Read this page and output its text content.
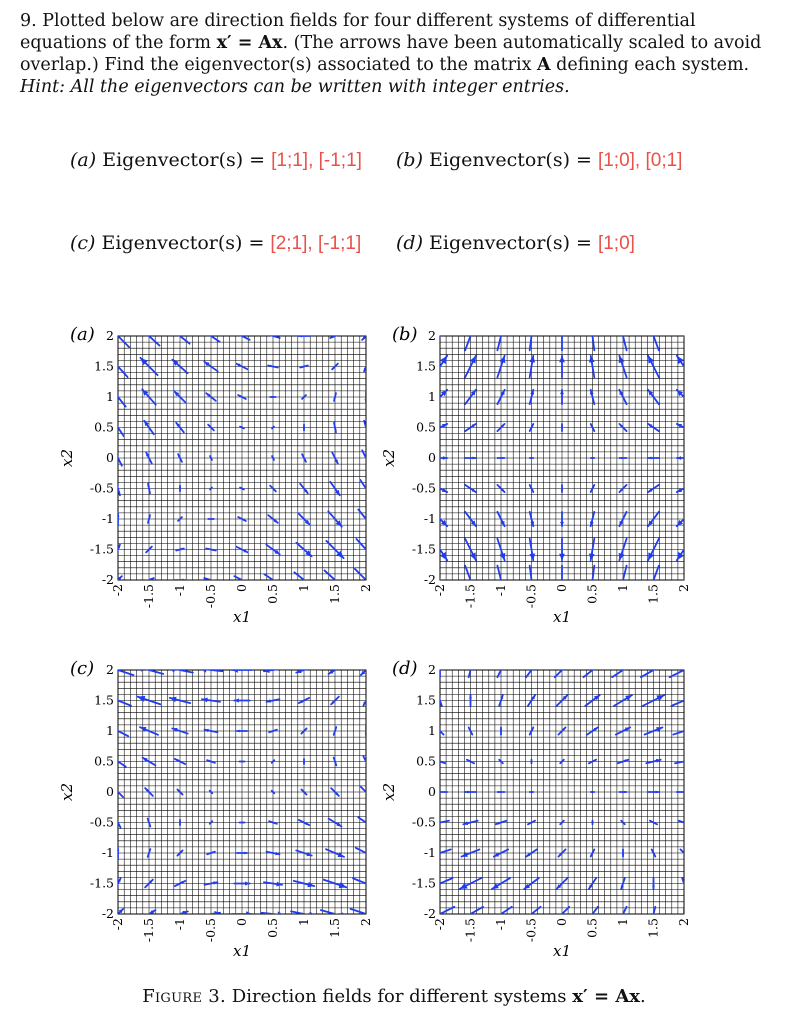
9. Plotted below are direction fields for four different systems of differential equations of the form x′ = Ax. (The arrows have been automatically scaled to avoid overlap.) Find the eigenvector(s) associated to the matrix A defining each system.
Hint: All the eigenvectors can be written with integer entries.
(a) Eigenvector(s) = [1;1], [-1;1] (b) Eigenvector(s) = [1;0], [0;1]
(c) Eigenvector(s) = [2;1], [-1;1] (d) Eigenvector(s) = [1;0]
(a) 2
1.5
1
0.5
0
-0.5
-1
-1.5
-2
-2 -1.5 -1 -0.5 0 0.5 1 1.5 2
x1
x2
(b) 2
1.5
1
0.5
0
-0.5
-1
-1.5
-2
-2 -1.5 -1 -0.5 0 0.5 1 1.5 2
x1
x2
(c) 2
1.5
1
0.5
0
-0.5
-1
-1.5
-2
-2 -1.5 -1 -0.5 0 0.5 1 1.5 2
x1
x2
(d) 2
1.5
1
0.5
0
-0.5
-1
-1.5
-2
-2 -1.5 -1 -0.5 0 0.5 1 1.5 2
x1
x2
Figure 3. Direction fields for different systems x′ = Ax.
